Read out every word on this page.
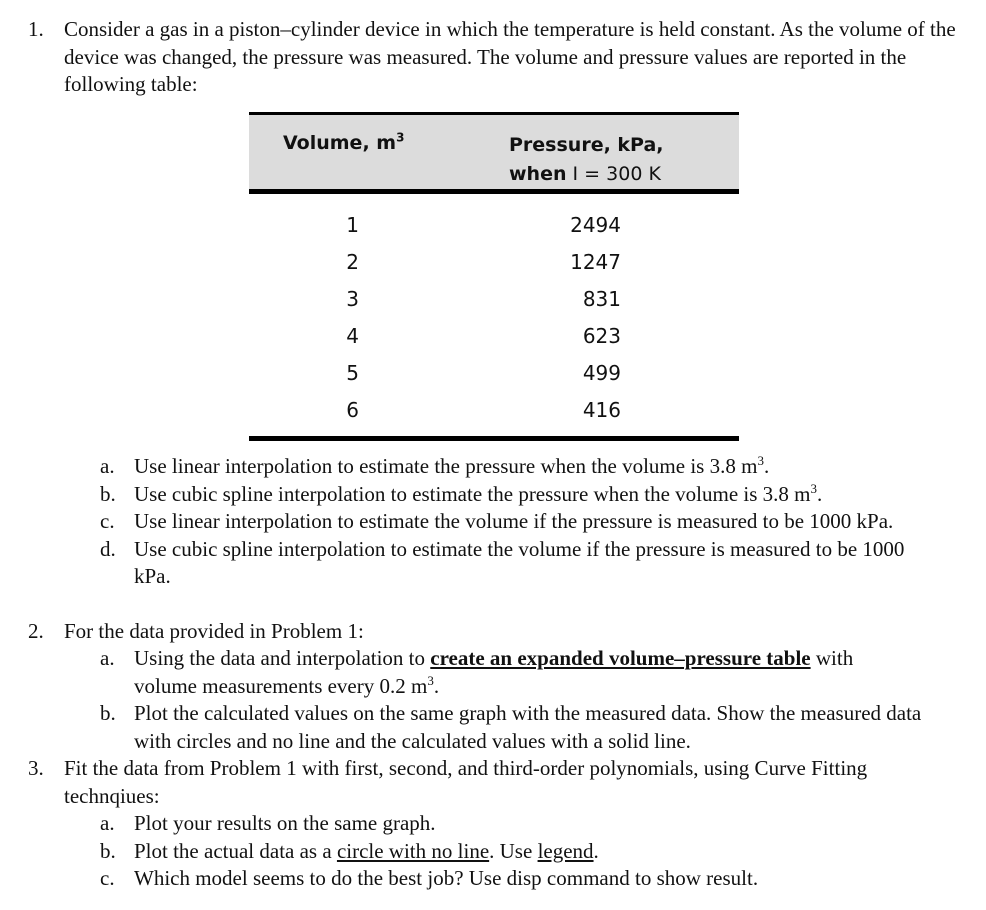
1. Consider a gas in a piston–cylinder device in which the temperature is held constant. As the volume of the device was changed, the pressure was measured. The volume and pressure values are reported in the following table:
Volume, $m^3$	Pressure, kPa,
when I = 300 K
1	2494
2	1247
3	831
4	623
5	499
6	416
a. Use linear interpolation to estimate the pressure when the volume is 3.8 $m^3$.
b. Use cubic spline interpolation to estimate the pressure when the volume is 3.8 $m^3$.
c. Use linear interpolation to estimate the volume if the pressure is measured to be 1000 kPa.
d. Use cubic spline interpolation to estimate the volume if the pressure is measured to be 1000 kPa.
2. For the data provided in Problem 1:
a. Using the data and interpolation to create an expanded volume–pressure table with volume measurements every 0.2 $m^3$.
b. Plot the calculated values on the same graph with the measured data. Show the measured data with circles and no line and the calculated values with a solid line.
3. Fit the data from Problem 1 with first, second, and third-order polynomials, using Curve Fitting technqiues:
a. Plot your results on the same graph.
b. Plot the actual data as a circle with no line. Use legend.
c. Which model seems to do the best job? Use disp command to show result.
